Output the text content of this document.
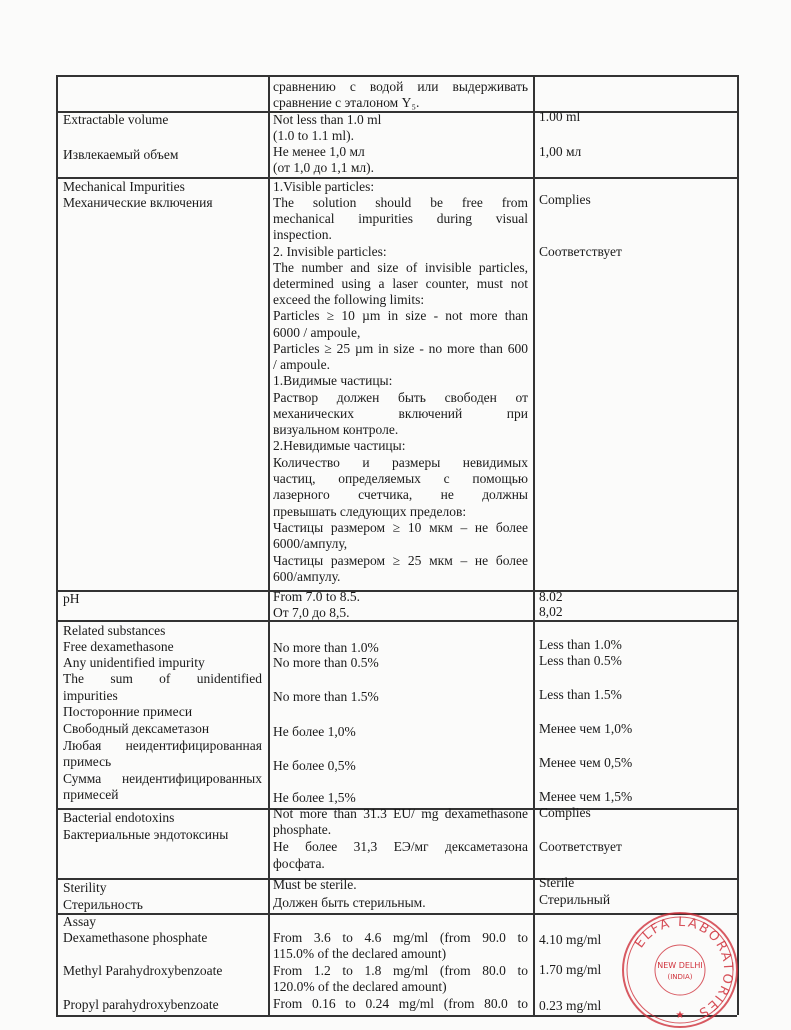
сравнению с водой или выдерживать
сравнение с эталоном Y₅.
Extractable volume
Извлекаемый объем
Not less than 1.0 ml
(1.0 to 1.1 ml).
Не менее 1,0 мл
(от 1,0 до 1,1 мл).
1.00 ml
1,00 мл
Mechanical Impurities
Механические включения
1.Visible particles:
The solution should be free from
mechanical impurities during visual
inspection.
2. Invisible particles:
The number and size of invisible particles,
determined using a laser counter, must not
exceed the following limits:
Particles ≥ 10 µm in size - not more than
6000 / ampoule,
Particles ≥ 25 µm in size - no more than 600
/ ampoule.
1.Видимые частицы:
Раствор должен быть свободен от
механических включений при
визуальном контроле.
2.Невидимые частицы:
Количество и размеры невидимых
частиц, определяемых с помощью
лазерного счетчика, не должны
превышать следующих пределов:
Частицы размером ≥ 10 мкм – не более
6000/ампулу,
Частицы размером ≥ 25 мкм – не более
600/ампулу.
Complies
Соответствует
pH	From 7.0 to 8.5.
От 7,0 до 8,5.
8.02
8,02
Related substances
Free dexamethasone
Any unidentified impurity
The sum of unidentified
impurities
Посторонние примеси
Свободный дексаметазон
Любая неидентифицированная
примесь
Сумма неидентифицированных
примесей
No more than 1.0%
No more than 0.5%
No more than 1.5%
Не более 1,0%
Не более 0,5%
Не более 1,5%
Less than 1.0%
Less than 0.5%
Less than 1.5%
Менее чем 1,0%
Менее чем 0,5%
Менее чем 1,5%
Bacterial endotoxins
Бактериальные эндотоксины
Not more than 31.3 EU/ mg dexamethasone
phosphate.
Не более 31,3 ЕЭ/мг дексаметазона
фосфата.
Complies
Соответствует
Sterility
Стерильность
Must be sterile.
Должен быть стерильным.
Sterile
Стерильный
Assay
Dexamethasone phosphate
Methyl Parahydroxybenzoate
Propyl parahydroxybenzoate
From 3.6 to 4.6 mg/ml (from 90.0 to
115.0% of the declared amount)
From 1.2 to 1.8 mg/ml (from 80.0 to
120.0% of the declared amount)
From 0.16 to 0.24 mg/ml (from 80.0 to
4.10 mg/ml
1.70 mg/ml
0.23 mg/ml
ELFA LABORATORIES
NEW DELHI
(INDIA)
★
